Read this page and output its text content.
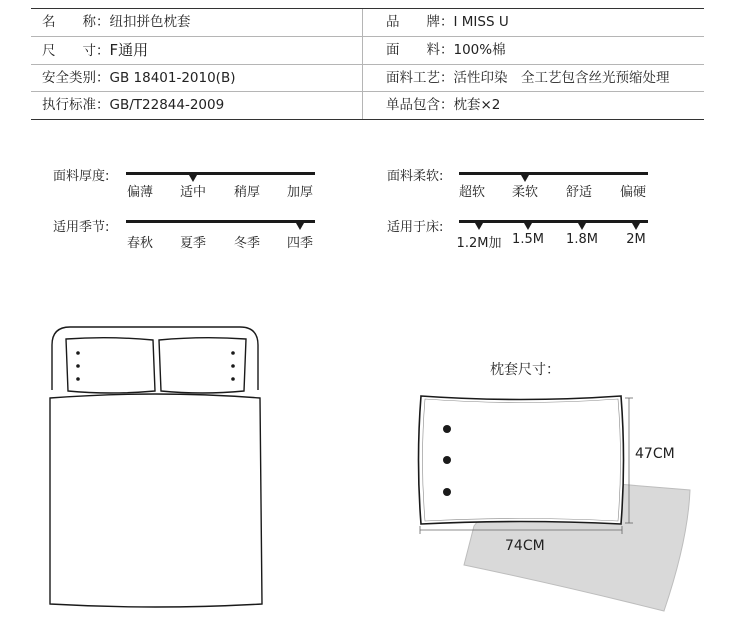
名　　称：纽扣拼色枕套	品　　牌：I MISS U
尺　　寸：F通用	面　　料：100%棉
安全类别：GB 18401-2010(B)	面料工艺：活性印染　全工艺包含丝光预缩处理
执行标准：GB/T22844-2009	单品包含：枕套×2
面料厚度:
偏薄	适中	稍厚	加厚
面料柔软:
超软	柔软	舒适	偏硬
适用季节:
春秋	夏季	冬季	四季
适用于床:
1.2M加 1.5M	1.8M	2M
枕套尺寸：
47CM
74CM
